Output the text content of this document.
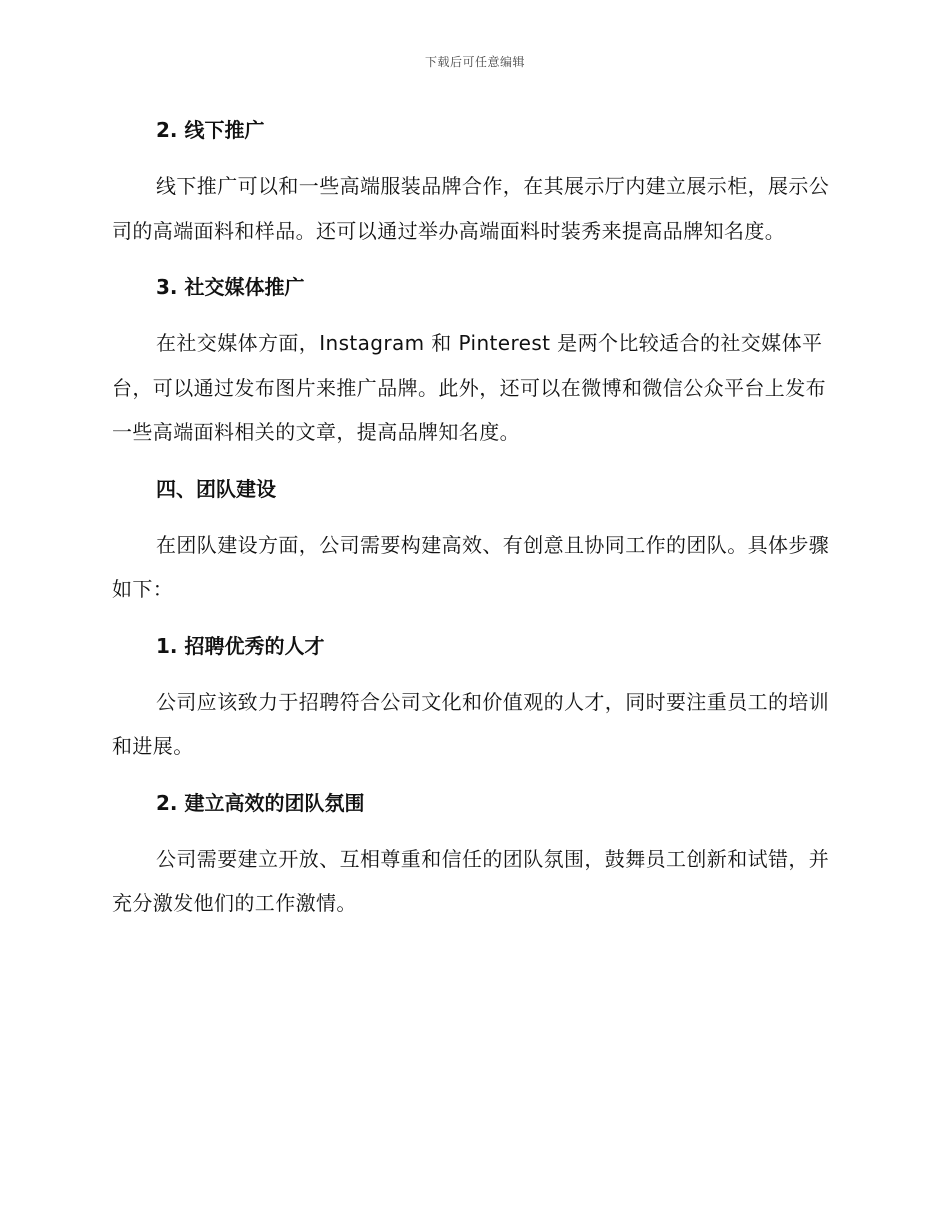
下载后可任意编辑
2. 线下推广

线下推广可以和一些高端服装品牌合作，在其展示厅内建立展示柜，展示公司的高端面料和样品。还可以通过举办高端面料时装秀来提高品牌知名度。

3. 社交媒体推广

在社交媒体方面，Instagram 和 Pinterest 是两个比较适合的社交媒体平台，可以通过发布图片来推广品牌。此外，还可以在微博和微信公众平台上发布一些高端面料相关的文章，提高品牌知名度。

四、团队建设

在团队建设方面，公司需要构建高效、有创意且协同工作的团队。具体步骤如下：

1. 招聘优秀的人才

公司应该致力于招聘符合公司文化和价值观的人才，同时要注重员工的培训和进展。

2. 建立高效的团队氛围

公司需要建立开放、互相尊重和信任的团队氛围，鼓舞员工创新和试错，并充分激发他们的工作激情。
